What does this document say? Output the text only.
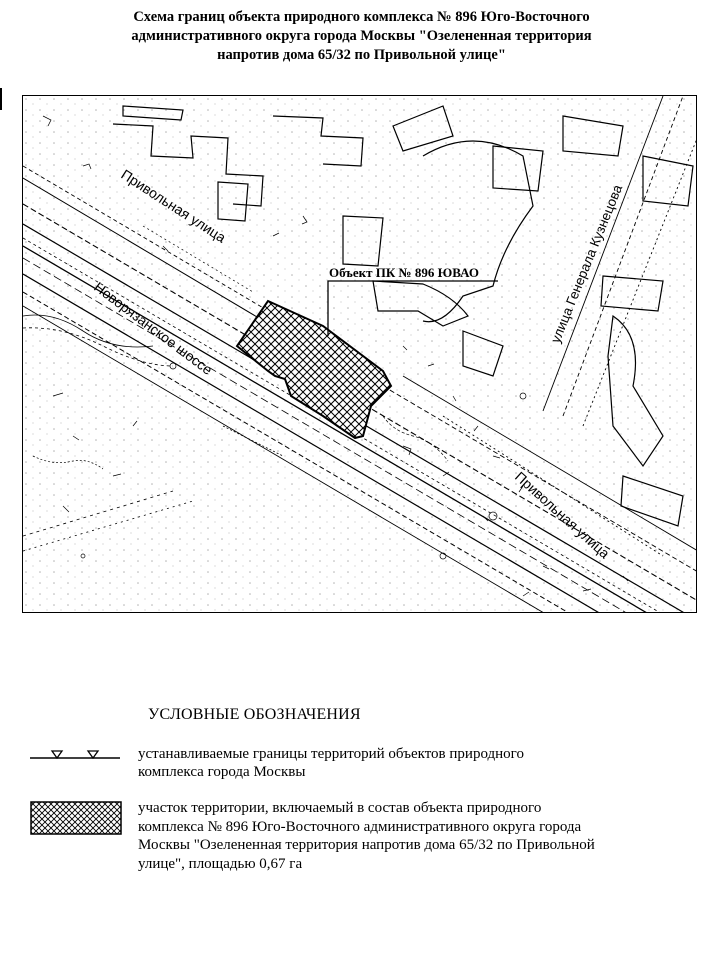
Схема границ объекта природного комплекса № 896 Юго-Восточного
административного округа города Москвы "Озелененная территория
напротив дома 65/32 по Привольной улице"
Привольная улица
Новорязанское шоссе	улица Генерала Кузнецова
Привольная улица
Объект ПК № 896 ЮВАО
УСЛОВНЫЕ ОБОЗНАЧЕНИЯ
устанавливаемые границы территорий объектов природного
комплекса города Москвы
участок территории, включаемый в состав объекта природного
комплекса № 896 Юго-Восточного административного округа города
Москвы "Озелененная территория напротив дома 65/32 по Привольной
улице", площадью 0,67 га
